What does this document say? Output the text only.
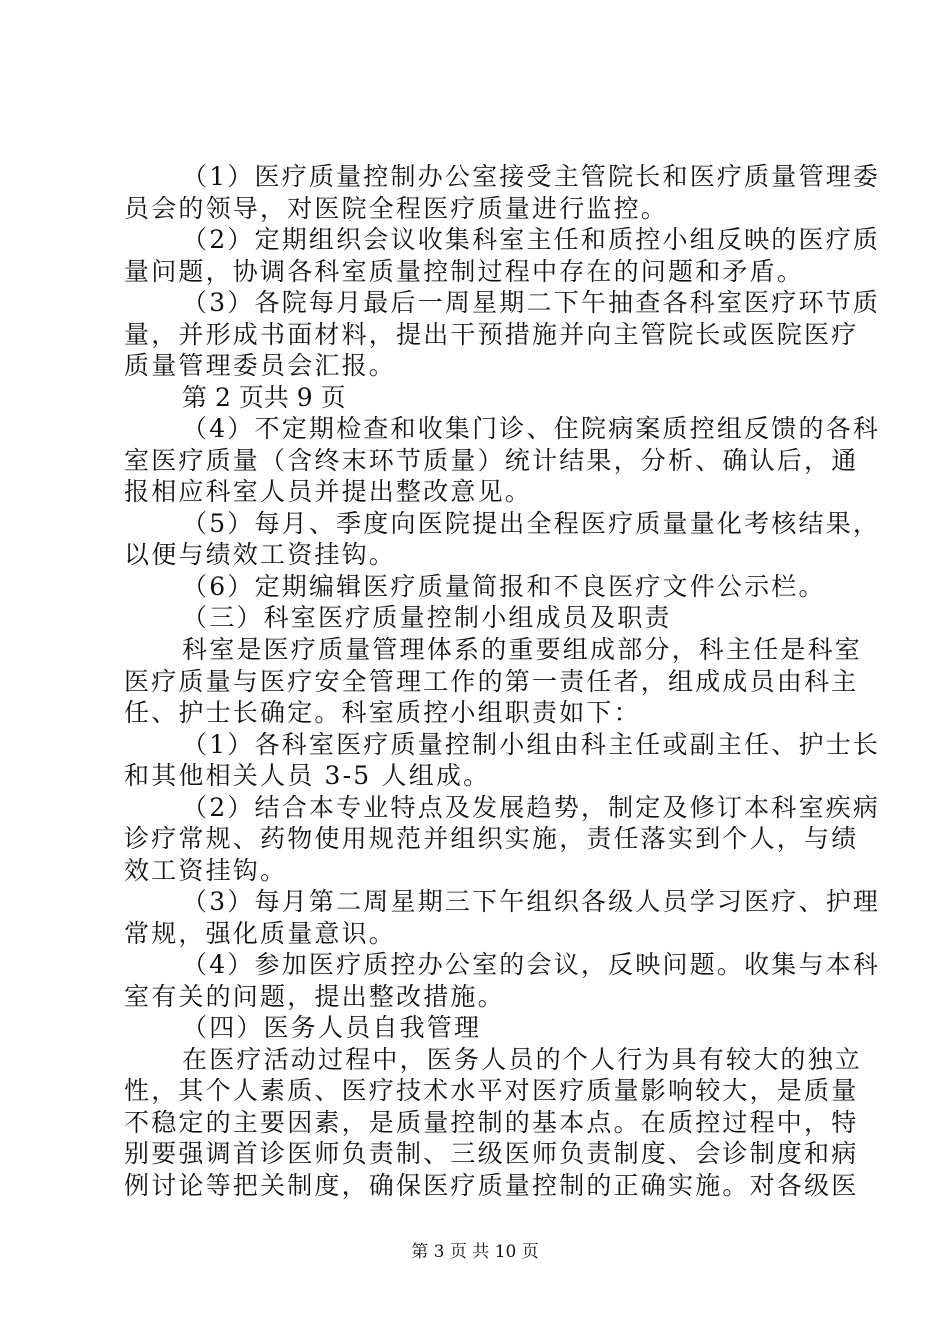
（1）医疗质量控制办公室接受主管院长和医疗质量管理委
员会的领导，对医院全程医疗质量进行监控。
（2）定期组织会议收集科室主任和质控小组反映的医疗质
量问题，协调各科室质量控制过程中存在的问题和矛盾。
（3）各院每月最后一周星期二下午抽查各科室医疗环节质
量，并形成书面材料，提出干预措施并向主管院长或医院医疗
质量管理委员会汇报。
第 2 页共 9 页
（4）不定期检查和收集门诊、住院病案质控组反馈的各科
室医疗质量（含终末环节质量）统计结果，分析、确认后，通
报相应科室人员并提出整改意见。
（5）每月、季度向医院提出全程医疗质量量化考核结果，
以便与绩效工资挂钩。
（6）定期编辑医疗质量简报和不良医疗文件公示栏。
（三）科室医疗质量控制小组成员及职责
科室是医疗质量管理体系的重要组成部分，科主任是科室
医疗质量与医疗安全管理工作的第一责任者，组成成员由科主
任、护士长确定。科室质控小组职责如下：
（1）各科室医疗质量控制小组由科主任或副主任、护士长
和其他相关人员 3-5 人组成。
（2）结合本专业特点及发展趋势，制定及修订本科室疾病
诊疗常规、药物使用规范并组织实施，责任落实到个人，与绩
效工资挂钩。
（3）每月第二周星期三下午组织各级人员学习医疗、护理
常规，强化质量意识。
（4）参加医疗质控办公室的会议，反映问题。收集与本科
室有关的问题，提出整改措施。
（四）医务人员自我管理
在医疗活动过程中，医务人员的个人行为具有较大的独立
性，其个人素质、医疗技术水平对医疗质量影响较大，是质量
不稳定的主要因素，是质量控制的基本点。在质控过程中，特
别要强调首诊医师负责制、三级医师负责制度、会诊制度和病
例讨论等把关制度，确保医疗质量控制的正确实施。对各级医
第 3 页 共 10 页
